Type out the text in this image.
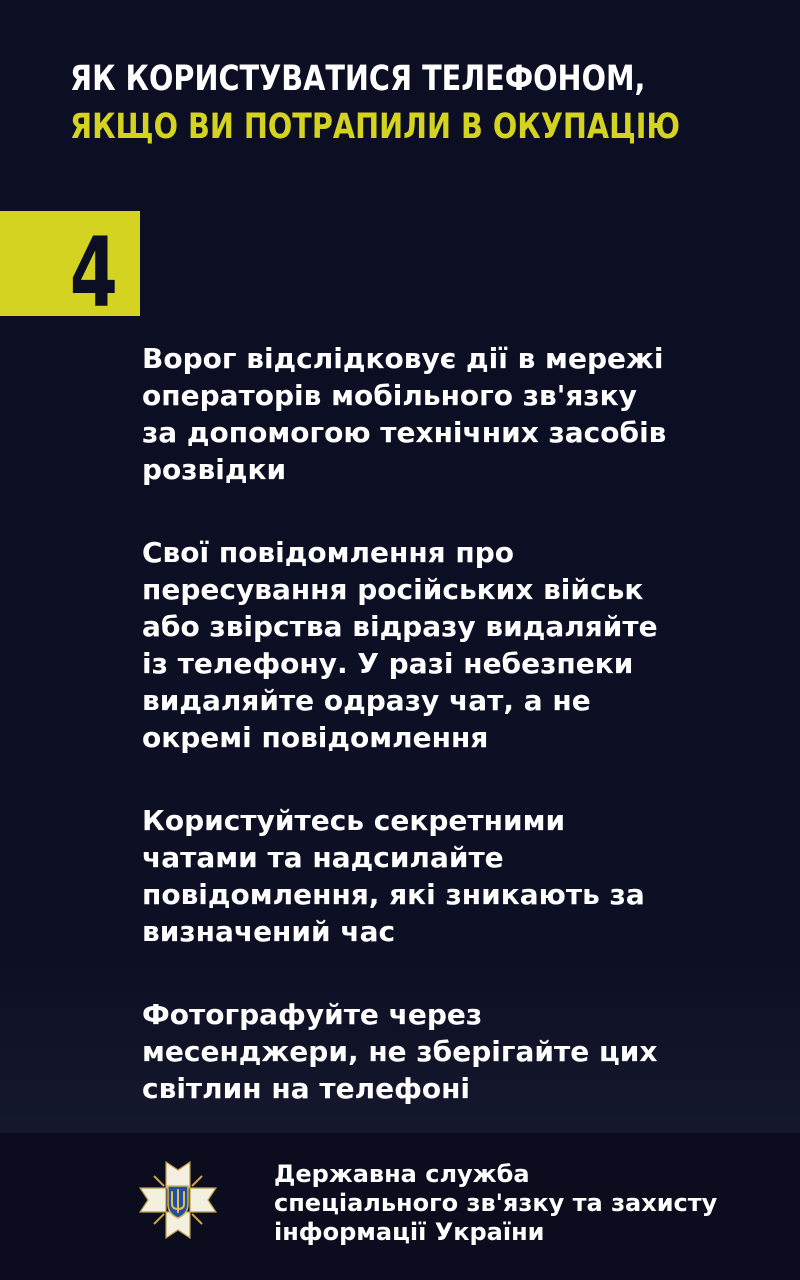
ЯК КОРИСТУВАТИСЯ ТЕЛЕФОНОМ,
ЯКЩО ВИ ПОТРАПИЛИ В ОКУПАЦІЮ
4

Ворог відслідковує дії в мережі
операторів мобільного зв'язку
за допомогою технічних засобів
розвідки

Свої повідомлення про
пересування російських військ
або звірства відразу видаляйте
із телефону. У разі небезпеки
видаляйте одразу чат, а не
окремі повідомлення

Користуйтесь секретними
чатами та надсилайте
повідомлення, які зникають за
визначений час

Фотографуйте через
месенджери, не зберігайте цих
світлин на телефоні

Державна служба
спеціального зв'язку та захисту
інформації України
